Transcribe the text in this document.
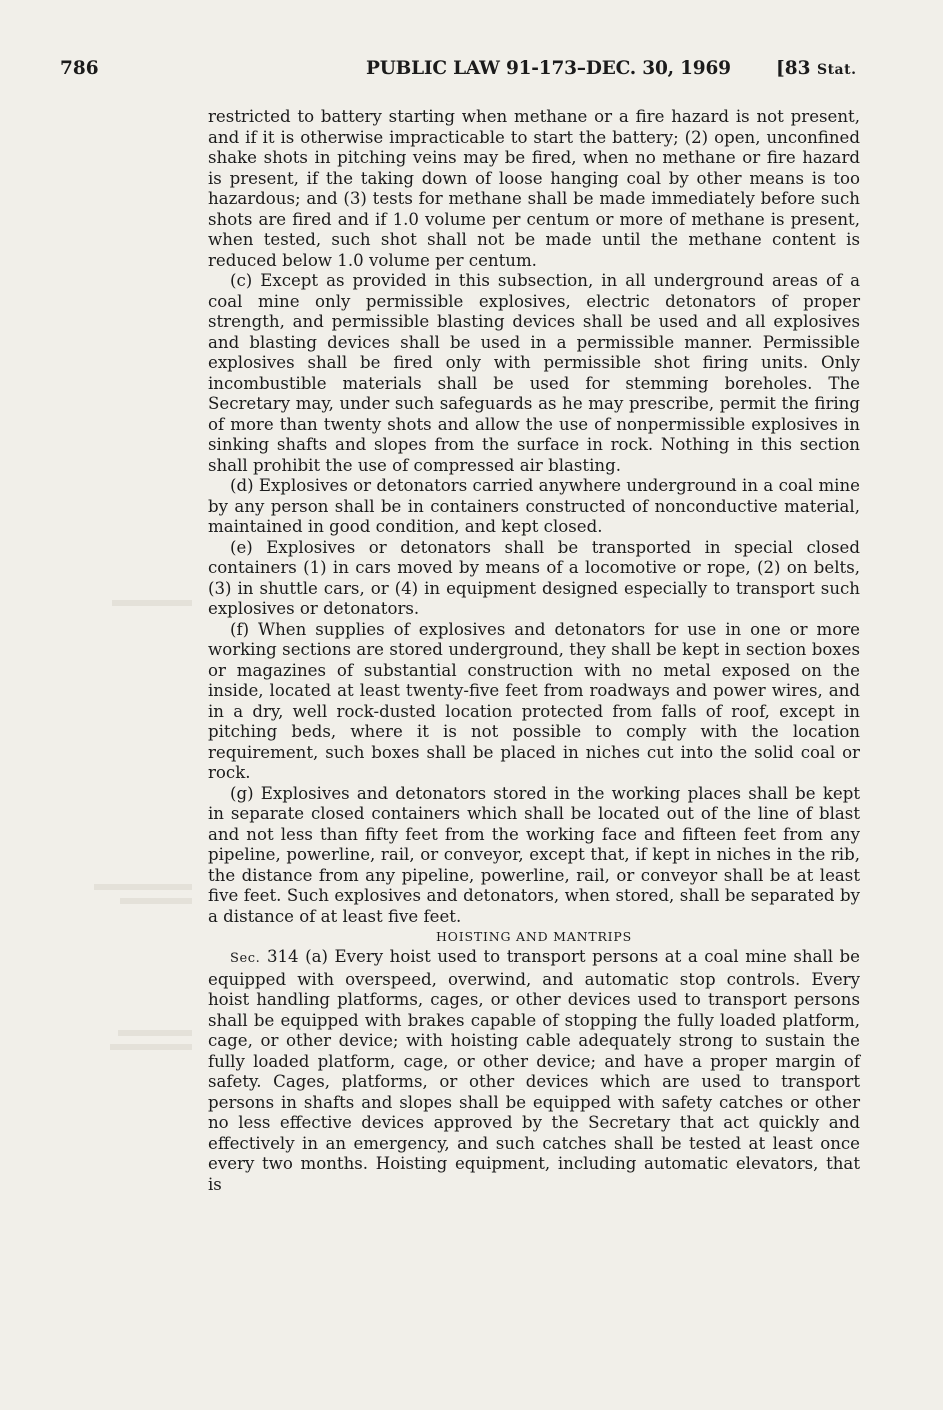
786	PUBLIC LAW 91-173–DEC. 30, 1969 [83 Stat.

restricted to battery starting when methane or a fire hazard is not present, and if it is otherwise impracticable to start the battery; (2) open, unconfined shake shots in pitching veins may be fired, when no methane or fire hazard is present, if the taking down of loose hanging coal by other means is too hazardous; and (3) tests for methane shall be made immediately before such shots are fired and if 1.0 volume per centum or more of methane is present, when tested, such shot shall not be made until the methane content is reduced below 1.0 volume per centum.

(c) Except as provided in this subsection, in all underground areas of a coal mine only permissible explosives, electric detonators of proper strength, and permissible blasting devices shall be used and all explosives and blasting devices shall be used in a permissible manner. Permissible explosives shall be fired only with permissible shot firing units. Only incombustible materials shall be used for stemming boreholes. The Secretary may, under such safeguards as he may prescribe, permit the firing of more than twenty shots and allow the use of nonpermissible explosives in sinking shafts and slopes from the surface in rock. Nothing in this section shall prohibit the use of compressed air blasting.

(d) Explosives or detonators carried anywhere underground in a coal mine by any person shall be in containers constructed of nonconductive material, maintained in good condition, and kept closed.

(e) Explosives or detonators shall be transported in special closed containers (1) in cars moved by means of a locomotive or rope, (2) on belts, (3) in shuttle cars, or (4) in equipment designed especially to transport such explosives or detonators.

(f) When supplies of explosives and detonators for use in one or more working sections are stored underground, they shall be kept in section boxes or magazines of substantial construction with no metal exposed on the inside, located at least twenty-five feet from roadways and power wires, and in a dry, well rock-dusted location protected from falls of roof, except in pitching beds, where it is not possible to comply with the location requirement, such boxes shall be placed in niches cut into the solid coal or rock.

(g) Explosives and detonators stored in the working places shall be kept in separate closed containers which shall be located out of the line of blast and not less than fifty feet from the working face and fifteen feet from any pipeline, powerline, rail, or conveyor, except that, if kept in niches in the rib, the distance from any pipeline, powerline, rail, or conveyor shall be at least five feet. Such explosives and detonators, when stored, shall be separated by a distance of at least five feet.

HOISTING AND MANTRIPS

Sec. 314 (a) Every hoist used to transport persons at a coal mine shall be equipped with overspeed, overwind, and automatic stop controls. Every hoist handling platforms, cages, or other devices used to transport persons shall be equipped with brakes capable of stopping the fully loaded platform, cage, or other device; with hoisting cable adequately strong to sustain the fully loaded platform, cage, or other device; and have a proper margin of safety. Cages, platforms, or other devices which are used to transport persons in shafts and slopes shall be equipped with safety catches or other no less effective devices approved by the Secretary that act quickly and effectively in an emergency, and such catches shall be tested at least once every two months. Hoisting equipment, including automatic elevators, that is
